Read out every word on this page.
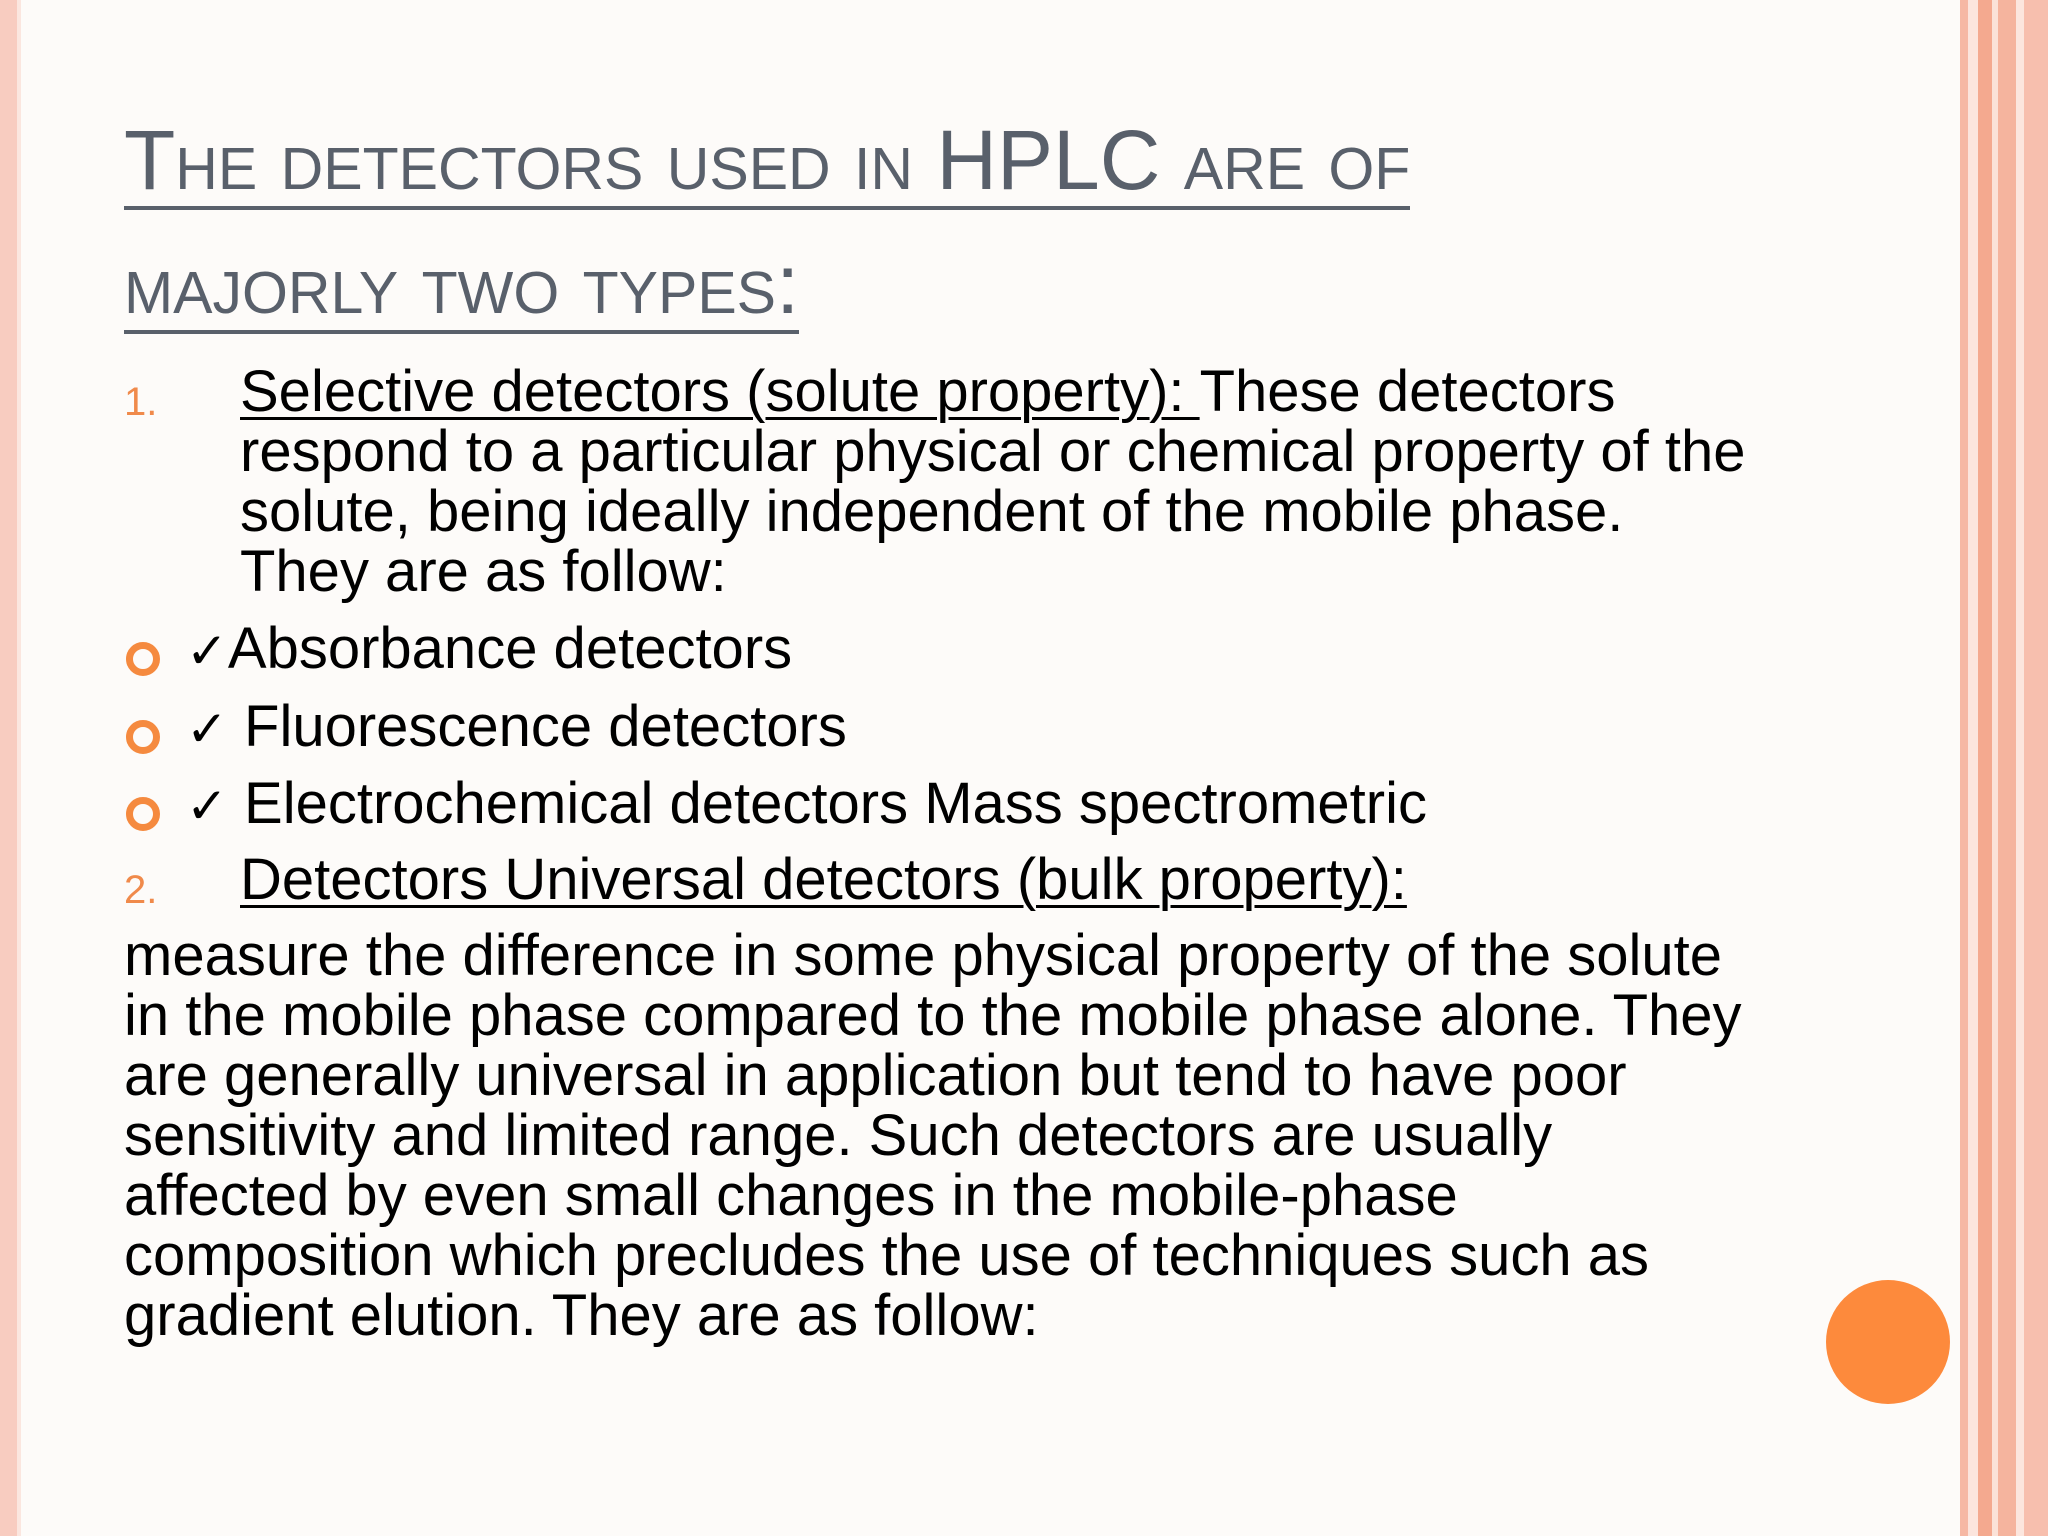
The detectors used in HPLC are of
majorly two types:
1. Selective detectors (solute property): These detectors respond to a particular physical or chemical property of the solute, being ideally independent of the mobile phase. They are as follow:
✓Absorbance detectors
✓ Fluorescence detectors
✓ Electrochemical detectors Mass spectrometric
2. Detectors Universal detectors (bulk property):
measure the difference in some physical property of the solute in the mobile phase compared to the mobile phase alone. They are generally universal in application but tend to have poor sensitivity and limited range. Such detectors are usually affected by even small changes in the mobile-phase composition which precludes the use of techniques such as gradient elution. They are as follow:
